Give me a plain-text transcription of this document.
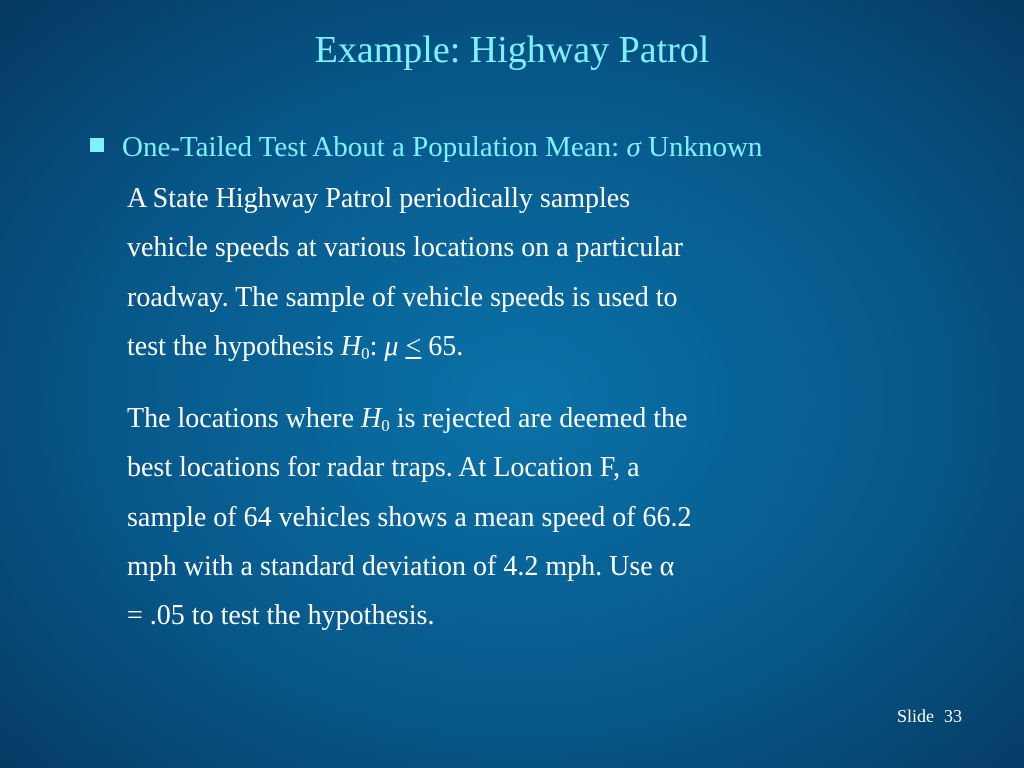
Example: Highway Patrol
One-Tailed Test About a Population Mean: σ Unknown
A State Highway Patrol periodically samples
vehicle speeds at various locations on a particular
roadway. The sample of vehicle speeds is used to
test the hypothesis $H_0$: μ ≤ 65.
The locations where $H_0$ is rejected are deemed the
best locations for radar traps. At Location F, a
sample of 64 vehicles shows a mean speed of 66.2
mph with a standard deviation of 4.2 mph. Use α
= .05 to test the hypothesis.
Slide 33
